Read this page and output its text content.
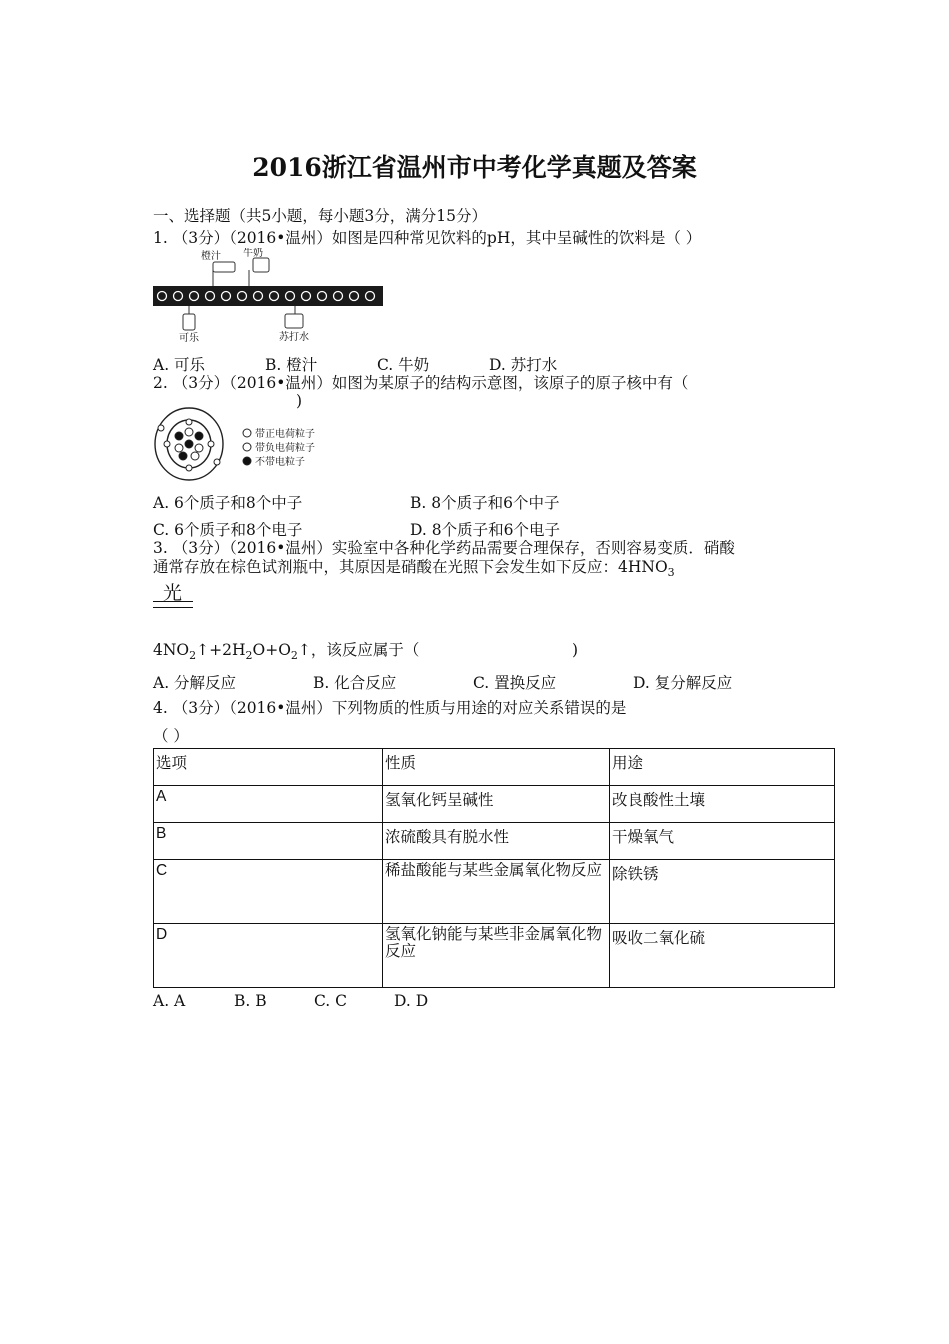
2016浙江省温州市中考化学真题及答案
一、选择题（共5小题，每小题3分，满分15分）
1. （3分）（2016•温州）如图是四种常见饮料的pH，其中呈碱性的饮料是（ ）
橙汁 牛奶
可乐	苏打水
A. 可乐	B. 橙汁	C. 牛奶	D. 苏打水
2. （3分）（2016•温州）如图为某原子的结构示意图，该原子的原子核中有（
)
带正电荷粒子
带负电荷粒子
不带电粒子
A. 6个质子和8个中子	B. 8个质子和6个中子
C. 6个质子和8个电子	D. 8个质子和6个电子
3. （3分）（2016•温州）实验室中各种化学药品需要合理保存，否则容易变质．硝酸
通常存放在棕色试剂瓶中，其原因是硝酸在光照下会发生如下反应：$4HNO_3$
光
$4NO_2↑+2H_2O+O_2↑$，该反应属于（	)
A. 分解反应	B. 化合反应	C. 置换反应	D. 复分解反应
4. （3分）（2016•温州）下列物质的性质与用途的对应关系错误的是
（ ）
选项	性质	用途
A	氢氧化钙呈碱性	改良酸性土壤
B	浓硫酸具有脱水性	干燥氧气
C	稀盐酸能与某些金属氧化物反应	除铁锈
D	氢氧化钠能与某些非金属氧化物反应	吸收二氧化硫
A. A	B. B	C. C	D. D
